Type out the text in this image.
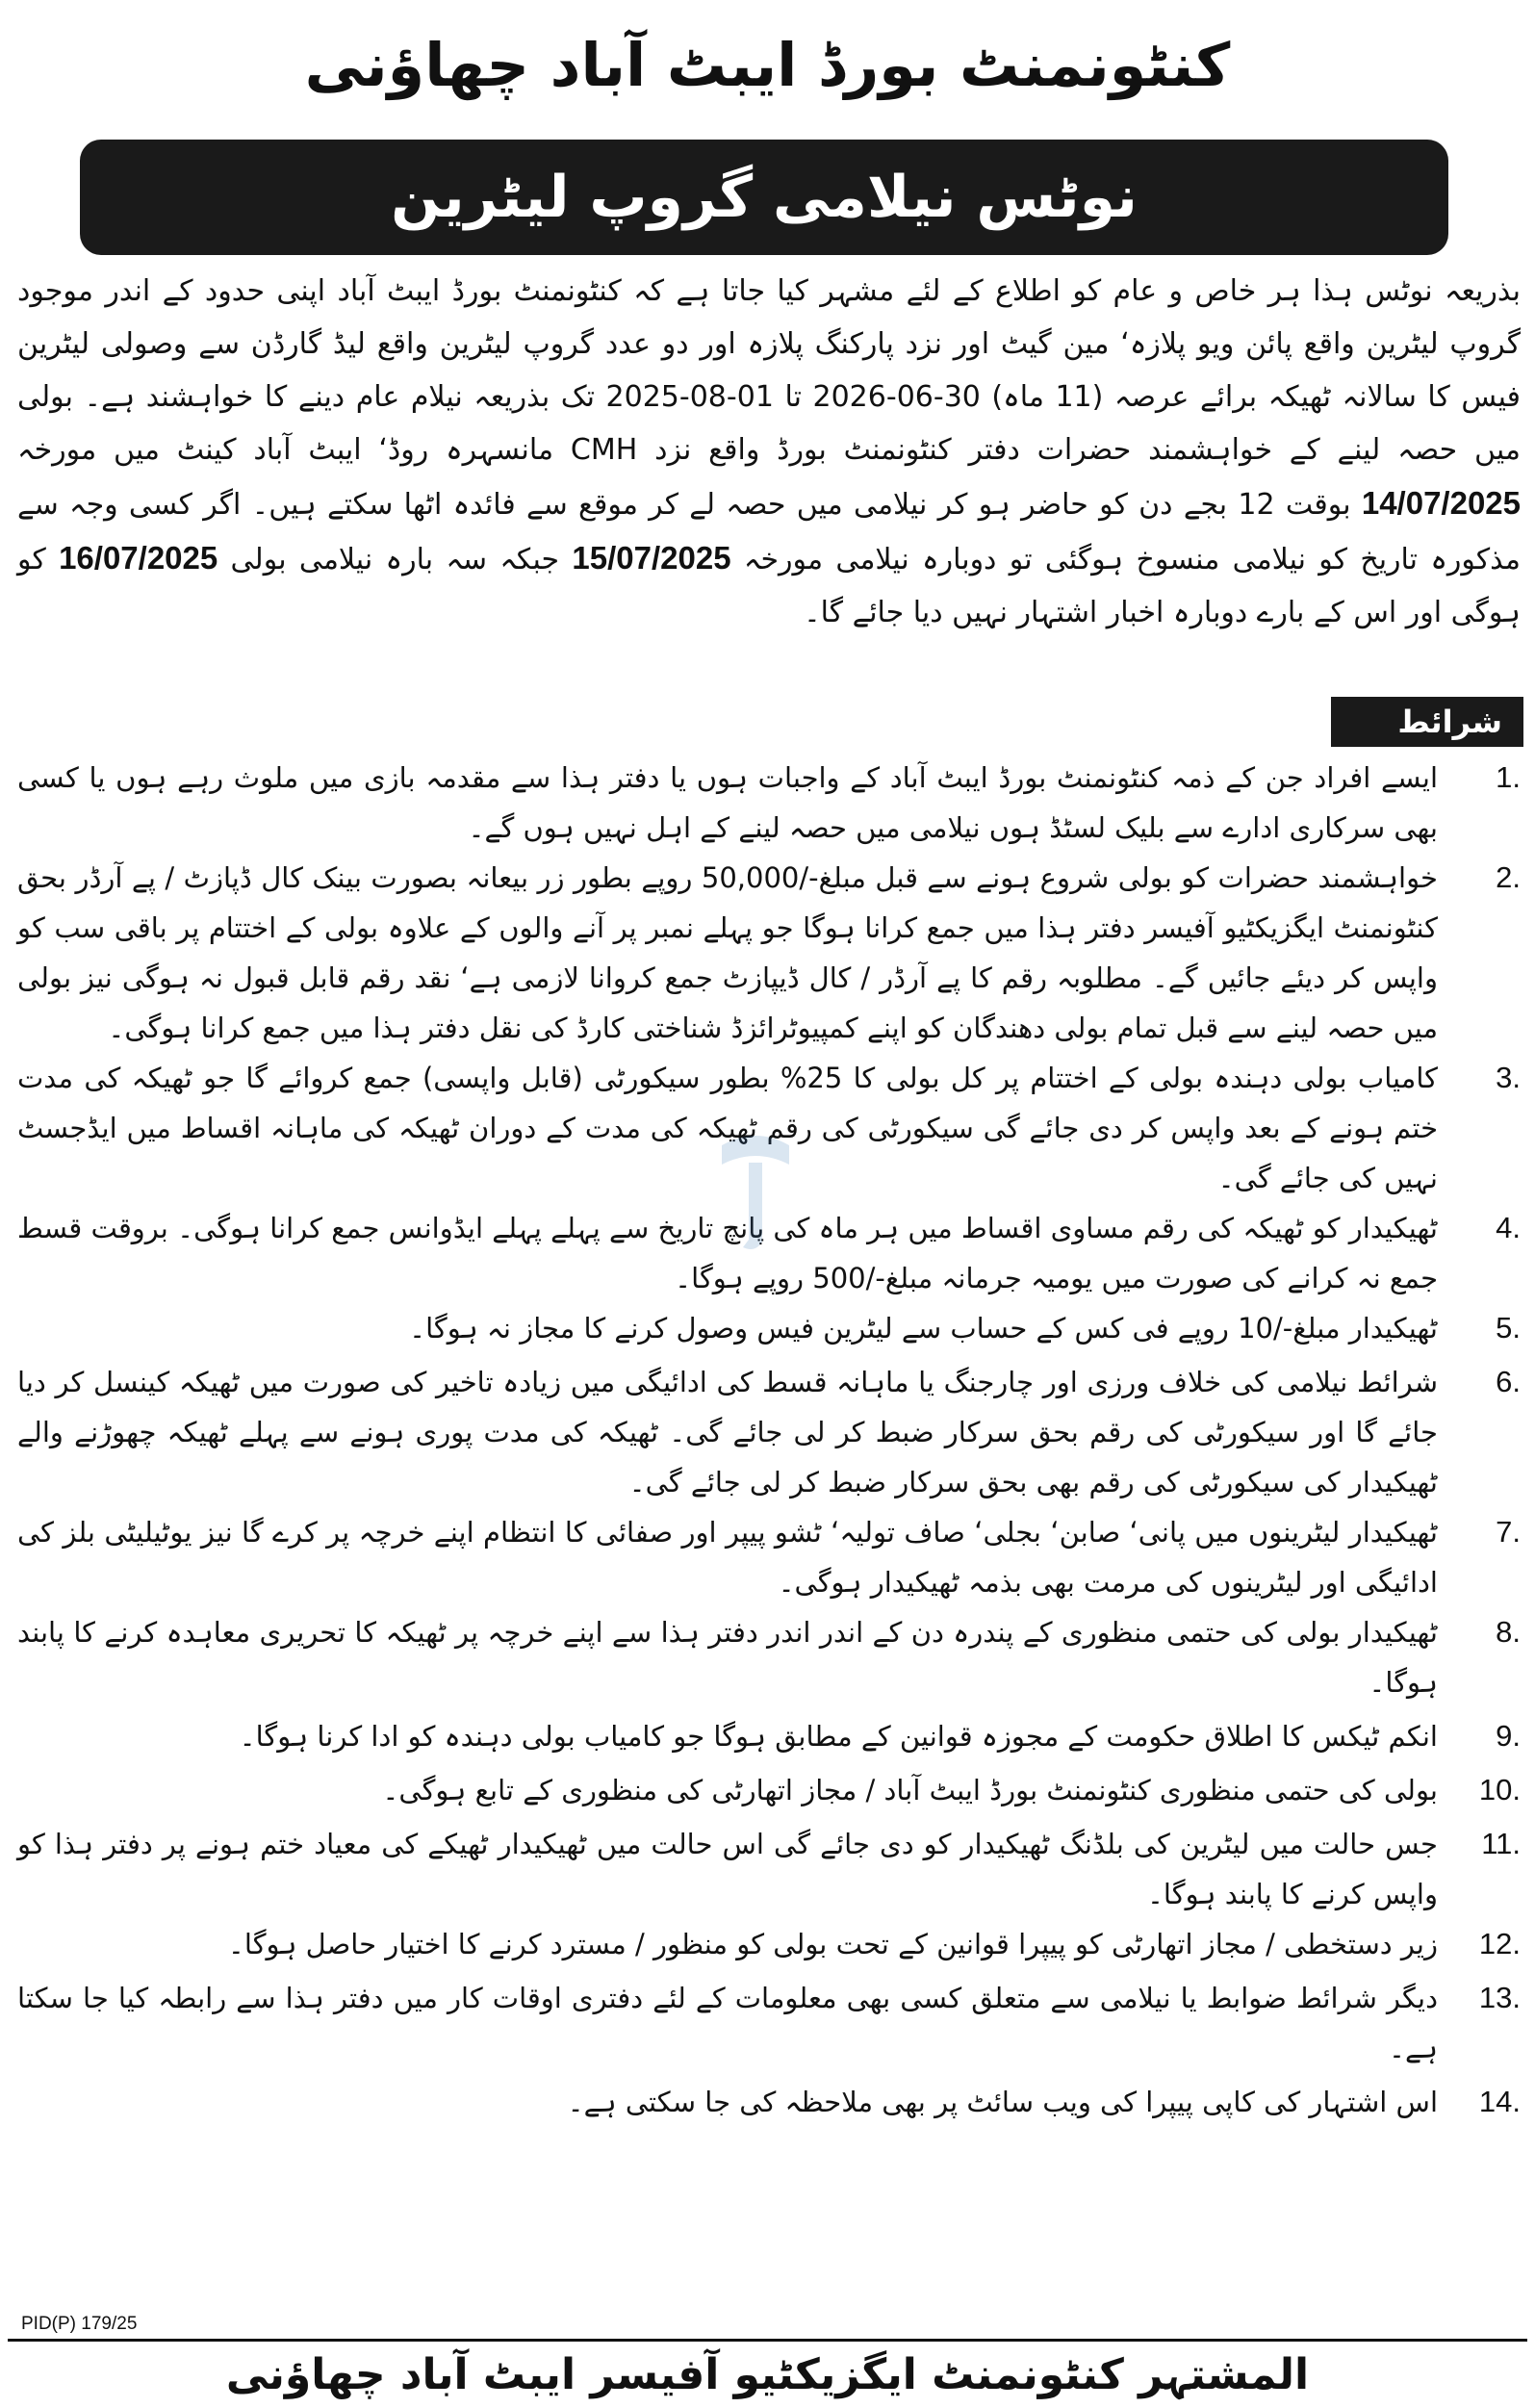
کنٹونمنٹ بورڈ ایبٹ آباد چھاؤنی
نوٹس نیلامی گروپ لیٹرین
بذریعہ نوٹس ہذا ہر خاص و عام کو اطلاع کے لئے مشہر کیا جاتا ہے کہ کنٹونمنٹ بورڈ ایبٹ آباد اپنی حدود کے اندر موجود گروپ لیٹرین واقع پائن ویو پلازہ‘ مین گیٹ اور نزد پارکنگ پلازہ اور دو عدد گروپ لیٹرین واقع لیڈ گارڈن سے وصولی لیٹرین فیس کا سالانہ ٹھیکہ برائے عرصہ (11 ماہ) 30-06-2026 تا 01-08-2025 تک بذریعہ نیلام عام دینے کا خواہشند ہے۔ بولی میں حصہ لینے کے خواہشمند حضرات دفتر کنٹونمنٹ بورڈ واقع نزد CMH مانسہرہ روڈ‘ ایبٹ آباد کینٹ میں مورخہ 14/07/2025 بوقت 12 بجے دن کو حاضر ہو کر نیلامی میں حصہ لے کر موقع سے فائدہ اٹھا سکتے ہیں۔ اگر کسی وجہ سے مذکورہ تاریخ کو نیلامی منسوخ ہوگئی تو دوبارہ نیلامی مورخہ 15/07/2025 جبکہ سہ بارہ نیلامی بولی 16/07/2025 کو ہوگی اور اس کے بارے دوبارہ اخبار اشتہار نہیں دیا جائے گا۔
شرائط
1.
ایسے افراد جن کے ذمہ کنٹونمنٹ بورڈ ایبٹ آباد کے واجبات ہوں یا دفتر ہذا سے مقدمہ بازی میں ملوث رہے ہوں یا کسی بھی سرکاری ادارے سے بلیک لسٹڈ ہوں نیلامی میں حصہ لینے کے اہل نہیں ہوں گے۔
2.
خواہشمند حضرات کو بولی شروع ہونے سے قبل مبلغ-/50,000 روپے بطور زر بیعانہ بصورت بینک کال ڈپازٹ / پے آرڈر بحق کنٹونمنٹ ایگزیکٹیو آفیسر دفتر ہذا میں جمع کرانا ہوگا جو پہلے نمبر پر آنے والوں کے علاوہ بولی کے اختتام پر باقی سب کو واپس کر دیئے جائیں گے۔ مطلوبہ رقم کا پے آرڈر / کال ڈیپازٹ جمع کروانا لازمی ہے‘ نقد رقم قابل قبول نہ ہوگی نیز بولی میں حصہ لینے سے قبل تمام بولی دھندگان کو اپنے کمپیوٹرائزڈ شناختی کارڈ کی نقل دفتر ہذا میں جمع کرانا ہوگی۔
3.
کامیاب بولی دہندہ بولی کے اختتام پر کل بولی کا 25% بطور سیکورٹی (قابل واپسی) جمع کروائے گا جو ٹھیکہ کی مدت ختم ہونے کے بعد واپس کر دی جائے گی سیکورٹی کی رقم ٹھیکہ کی مدت کے دوران ٹھیکہ کی ماہانہ اقساط میں ایڈجسٹ نہیں کی جائے گی۔
4.
ٹھیکیدار کو ٹھیکہ کی رقم مساوی اقساط میں ہر ماہ کی پانچ تاریخ سے پہلے پہلے ایڈوانس جمع کرانا ہوگی۔ بروقت قسط جمع نہ کرانے کی صورت میں یومیہ جرمانہ مبلغ-/500 روپے ہوگا۔
5.
ٹھیکیدار مبلغ-/10 روپے فی کس کے حساب سے لیٹرین فیس وصول کرنے کا مجاز نہ ہوگا۔
6.
شرائط نیلامی کی خلاف ورزی اور چارجنگ یا ماہانہ قسط کی ادائیگی میں زیادہ تاخیر کی صورت میں ٹھیکہ کینسل کر دیا جائے گا اور سیکورٹی کی رقم بحق سرکار ضبط کر لی جائے گی۔ ٹھیکہ کی مدت پوری ہونے سے پہلے ٹھیکہ چھوڑنے والے ٹھیکیدار کی سیکورٹی کی رقم بھی بحق سرکار ضبط کر لی جائے گی۔
7.
ٹھیکیدار لیٹرینوں میں پانی‘ صابن‘ بجلی‘ صاف تولیہ‘ ٹشو پیپر اور صفائی کا انتظام اپنے خرچہ پر کرے گا نیز یوٹیلیٹی بلز کی ادائیگی اور لیٹرینوں کی مرمت بھی بذمہ ٹھیکیدار ہوگی۔
8.
ٹھیکیدار بولی کی حتمی منظوری کے پندرہ دن کے اندر اندر دفتر ہذا سے اپنے خرچہ پر ٹھیکہ کا تحریری معاہدہ کرنے کا پابند ہوگا۔
9.
انکم ٹیکس کا اطلاق حکومت کے مجوزہ قوانین کے مطابق ہوگا جو کامیاب بولی دہندہ کو ادا کرنا ہوگا۔
10.
بولی کی حتمی منظوری کنٹونمنٹ بورڈ ایبٹ آباد / مجاز اتھارٹی کی منظوری کے تابع ہوگی۔
11.
جس حالت میں لیٹرین کی بلڈنگ ٹھیکیدار کو دی جائے گی اس حالت میں ٹھیکیدار ٹھیکے کی معیاد ختم ہونے پر دفتر ہذا کو واپس کرنے کا پابند ہوگا۔
12.
زیر دستخطی / مجاز اتھارٹی کو پیپرا قوانین کے تحت بولی کو منظور / مسترد کرنے کا اختیار حاصل ہوگا۔
13.
دیگر شرائط ضوابط یا نیلامی سے متعلق کسی بھی معلومات کے لئے دفتری اوقات کار میں دفتر ہذا سے رابطہ کیا جا سکتا ہے۔
14.
اس اشتہار کی کاپی پیپرا کی ویب سائٹ پر بھی ملاحظہ کی جا سکتی ہے۔
PID(P) 179/25
المشتہر کنٹونمنٹ ایگزیکٹیو آفیسر ایبٹ آباد چھاؤنی
